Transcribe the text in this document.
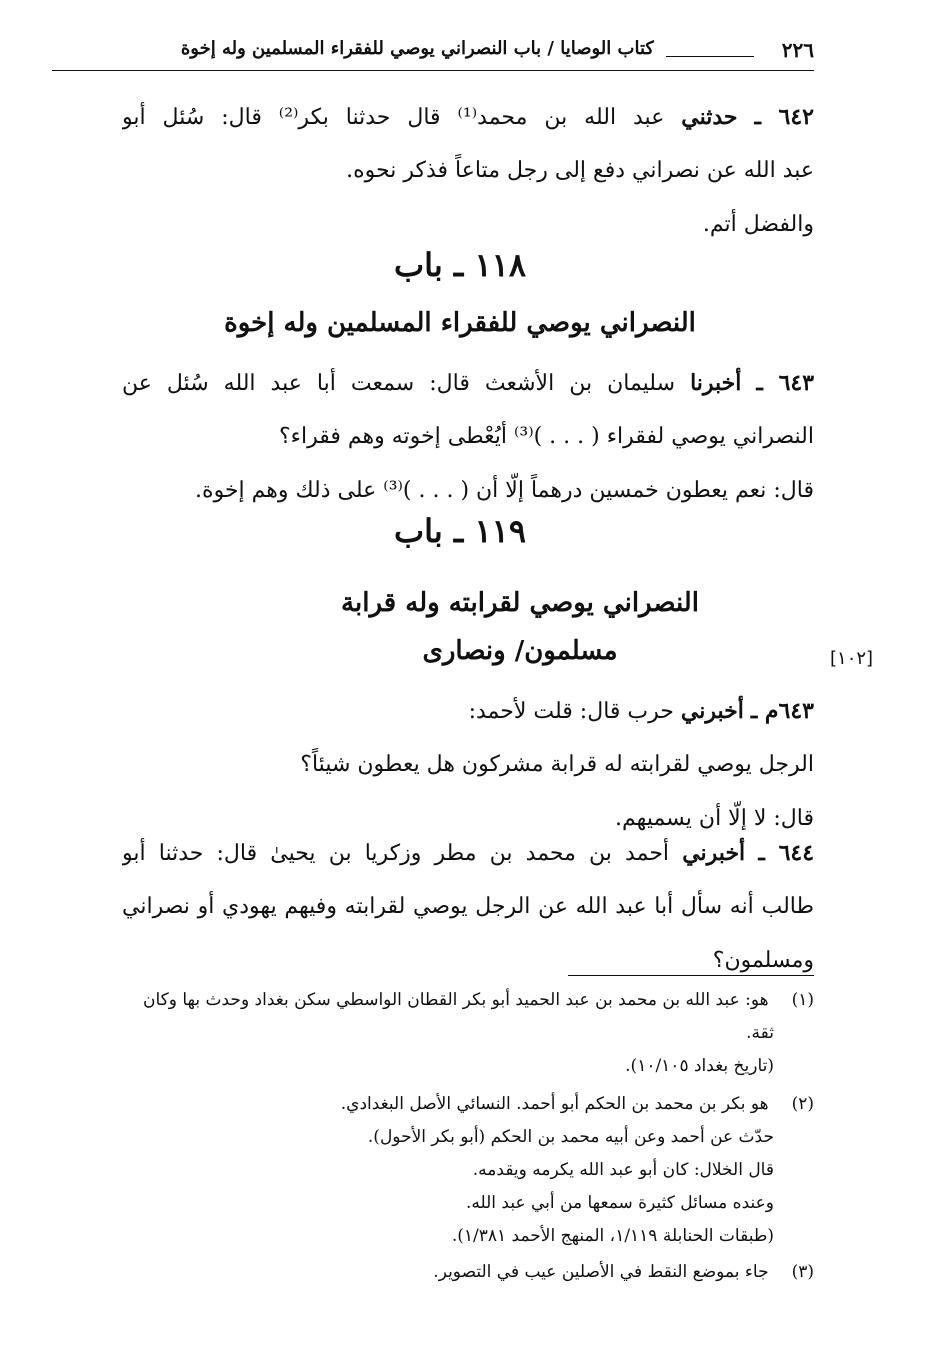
٢٢٦
كتاب الوصايا / باب النصراني يوصي للفقراء المسلمين وله إخوة
٦٤٢ ـ حدثني عبد الله بن محمد⁽¹⁾ قال حدثنا بكر⁽²⁾ قال: سُئل أبو
عبد الله عن نصراني دفع إلى رجل متاعاً فذكر نحوه.
والفضل أتم.
١١٨ ـ باب
النصراني يوصي للفقراء المسلمين وله إخوة
٦٤٣ ـ أخبرنا سليمان بن الأشعث قال: سمعت أبا عبد الله سُئل عن
النصراني يوصي لفقراء ( . . . )⁽³⁾ أيُعْطى إخوته وهم فقراء؟
قال: نعم يعطون خمسين درهماً إلّا أن ( . . . )⁽³⁾ على ذلك وهم إخوة.
١١٩ ـ باب
النصراني يوصي لقرابته وله قرابة
مسلمون/ ونصارى	[١٠٢]
٦٤٣م ـ أخبرني حرب قال: قلت لأحمد:
الرجل يوصي لقرابته له قرابة مشركون هل يعطون شيئاً؟
قال: لا إلّا أن يسميهم.
٦٤٤ ـ أخبرني أحمد بن محمد بن مطر وزكريا بن يحيىٰ قال: حدثنا أبو
طالب أنه سأل أبا عبد الله عن الرجل يوصي لقرابته وفيهم يهودي أو نصراني
ومسلمون؟
(١) هو: عبد الله بن محمد بن عبد الحميد أبو بكر القطان الواسطي سكن بغداد وحدث بها وكان
ثقة.
(تاريخ بغداد ١٠/١٠٥).
(٢) هو بكر بن محمد بن الحكم أبو أحمد. النسائي الأصل البغدادي.
حدّث عن أحمد وعن أبيه محمد بن الحكم (أبو بكر الأحول).
قال الخلال: كان أبو عبد الله يكرمه ويقدمه.
وعنده مسائل كثيرة سمعها من أبي عبد الله.
(طبقات الحنابلة ١/١١٩، المنهج الأحمد ١/٣٨١).
(٣) جاء بموضع النقط في الأصلين عيب في التصوير.
